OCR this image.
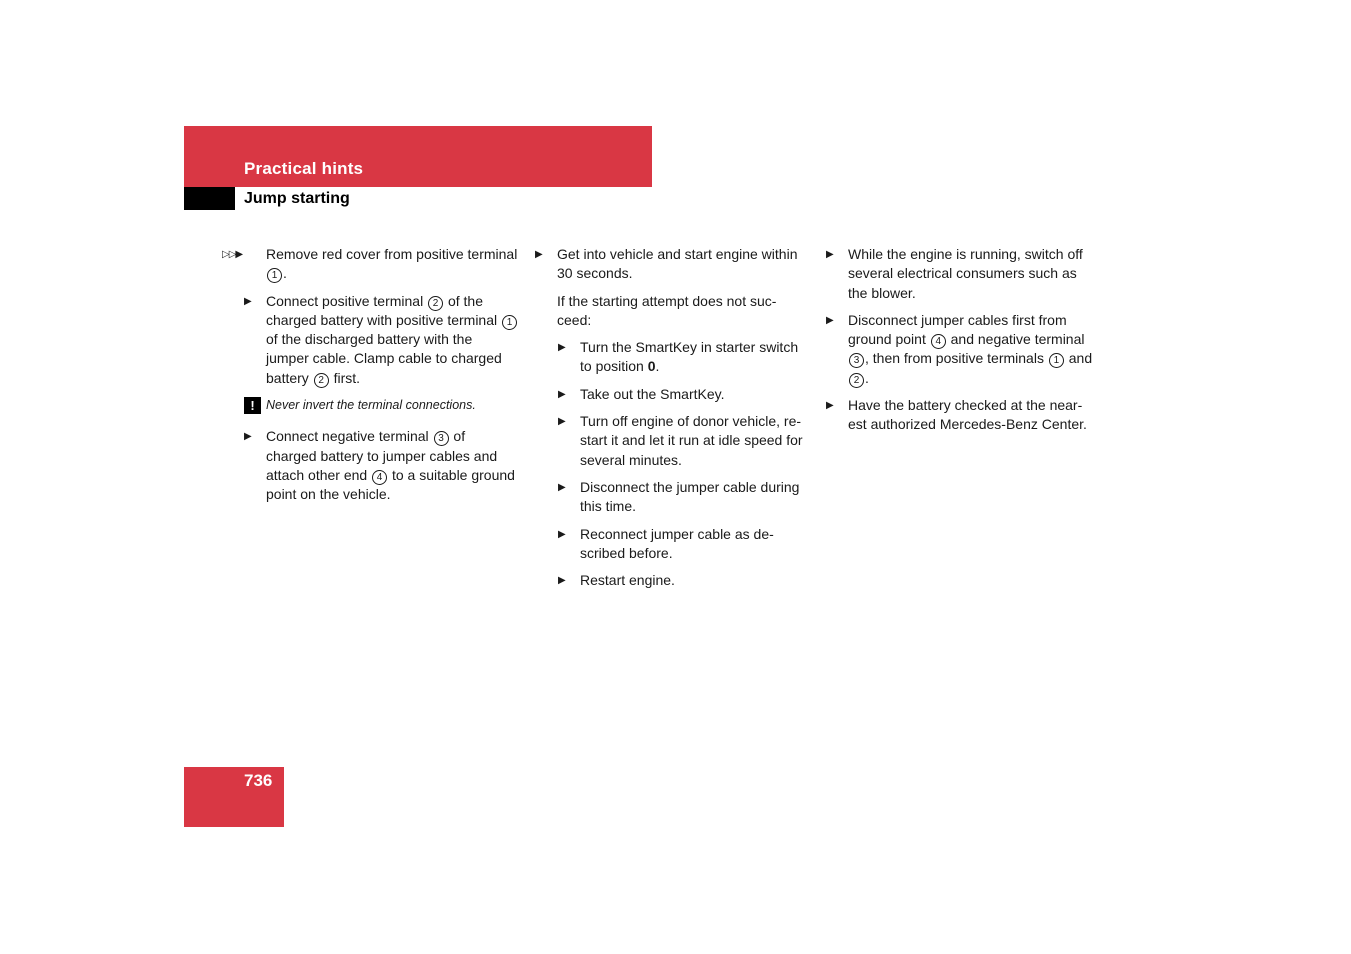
Practical hints
Jump starting
▷▷▶ Remove red cover from positive terminal 1 .
▶ Connect positive terminal 2 of the charged battery with positive terminal 1 of the discharged battery with the jumper cable. Clamp cable to charged battery 2 first.
! Never invert the terminal connections.
▶ Connect negative terminal 3 of charged battery to jumper cables and attach other end 4 to a suitable ground point on the vehicle.
▶ Get into vehicle and start engine within 30 seconds.
If the starting attempt does not suc-ceed:
▶ Turn the SmartKey in starter switch to position 0.
▶ Take out the SmartKey.
▶ Turn off engine of donor vehicle, re-start it and let it run at idle speed for several minutes.
▶ Disconnect the jumper cable during this time.
▶ Reconnect jumper cable as de-scribed before.
▶ Restart engine.
▶ While the engine is running, switch off several electrical consumers such as the blower.
▶ Disconnect jumper cables first from ground point 4 and negative terminal 3 , then from positive terminals 1 and 2 .
▶ Have the battery checked at the near-est authorized Mercedes-Benz Center.
736
